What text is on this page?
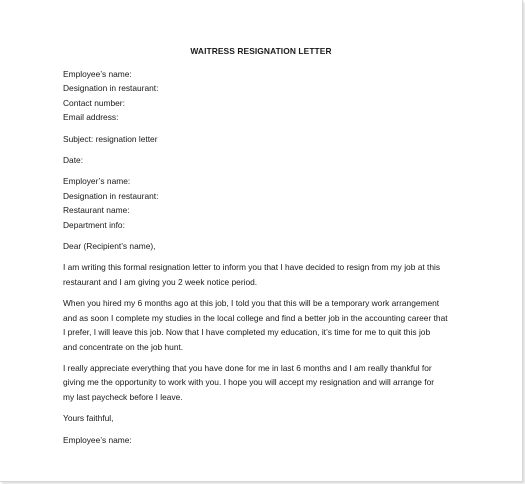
WAITRESS RESIGNATION LETTER
Employee’s name:
Designation in restaurant:
Contact number:
Email address:
Subject: resignation letter
Date:
Employer’s name:
Designation in restaurant:
Restaurant name:
Department info:
Dear (Recipient’s name),

I am writing this formal resignation letter to inform you that I have decided to resign from my job at this
restaurant and I am giving you 2 week notice period.

When you hired my 6 months ago at this job, I told you that this will be a temporary work arrangement
and as soon I complete my studies in the local college and find a better job in the accounting career that
I prefer, I will leave this job. Now that I have completed my education, it’s time for me to quit this job
and concentrate on the job hunt.

I really appreciate everything that you have done for me in last 6 months and I am really thankful for
giving me the opportunity to work with you. I hope you will accept my resignation and will arrange for
my last paycheck before I leave.

Yours faithful,
Employee’s name:
